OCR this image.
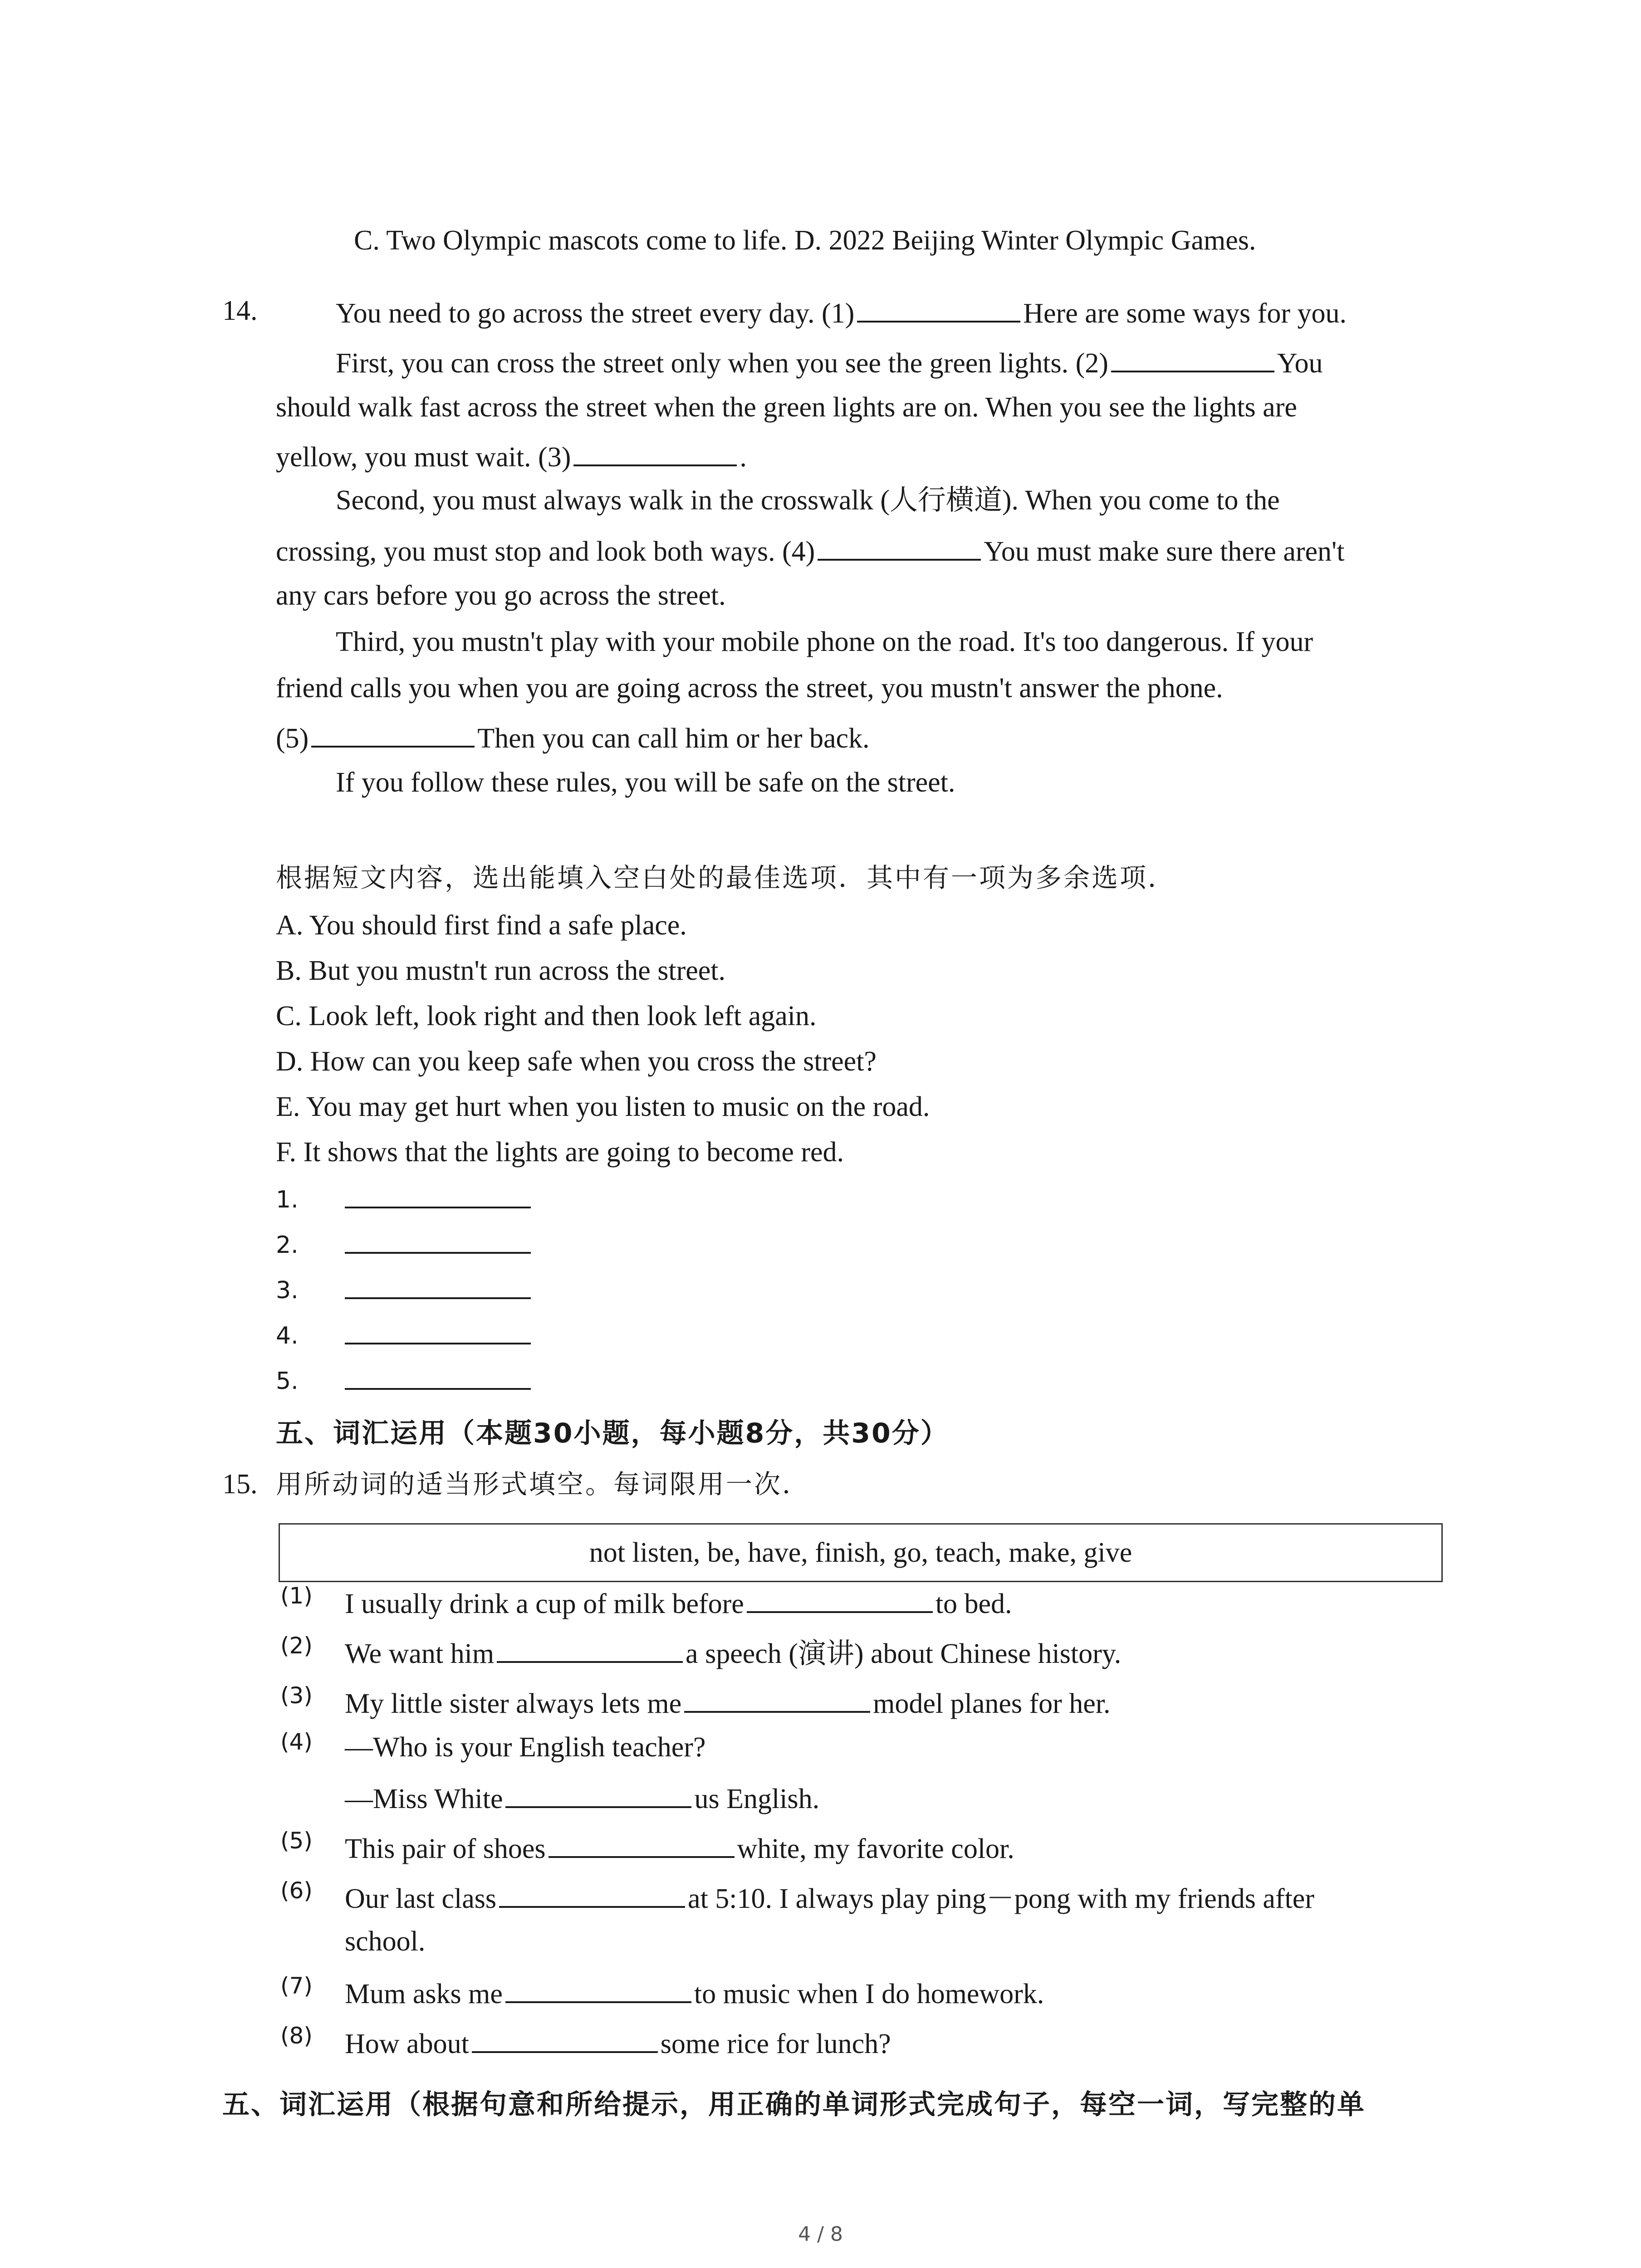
C. Two Olympic mascots come to life. D. 2022 Beijing Winter Olympic Games.
14.	You need to go across the street every day. (1)	Here are some ways for you.
First, you can cross the street only when you see the green lights. (2)	You
should walk fast across the street when the green lights are on. When you see the lights are
yellow, you must wait. (3)	.
Second, you must always walk in the crosswalk (人行横道). When you come to the
crossing, you must stop and look both ways. (4)	You must make sure there aren't
any cars before you go across the street.
Third, you mustn't play with your mobile phone on the road. It's too dangerous. If your
friend calls you when you are going across the street, you mustn't answer the phone.
(5)	Then you can call him or her back.
If you follow these rules, you will be safe on the street.
根据短文内容，选出能填入空白处的最佳选项．其中有一项为多余选项．
A. You should first find a safe place.
B. But you mustn't run across the street.
C. Look left, look right and then look left again.
D. How can you keep safe when you cross the street?
E. You may get hurt when you listen to music on the road.
F. It shows that the lights are going to become red.
1.
2.
3.
4.
5.
五、词汇运用（本题30小题，每小题8分，共30分）
15. 用所动词的适当形式填空。每词限用一次．
not listen, be, have, finish, go, teach, make, give
(1) I usually drink a cup of milk before	to bed.
(2) We want him	a speech (演讲) about Chinese history.
(3) My little sister always lets me	model planes for her.
(4) —Who is your English teacher?
—Miss White	us English.
(5) This pair of shoes	white, my favorite color.
(6) Our last class	at 5:10. I always play ping－pong with my friends after
school.
(7) Mum asks me	to music when I do homework.
(8) How about	some rice for lunch?
五、词汇运用（根据句意和所给提示，用正确的单词形式完成句子，每空一词，写完整的单
4 / 8
